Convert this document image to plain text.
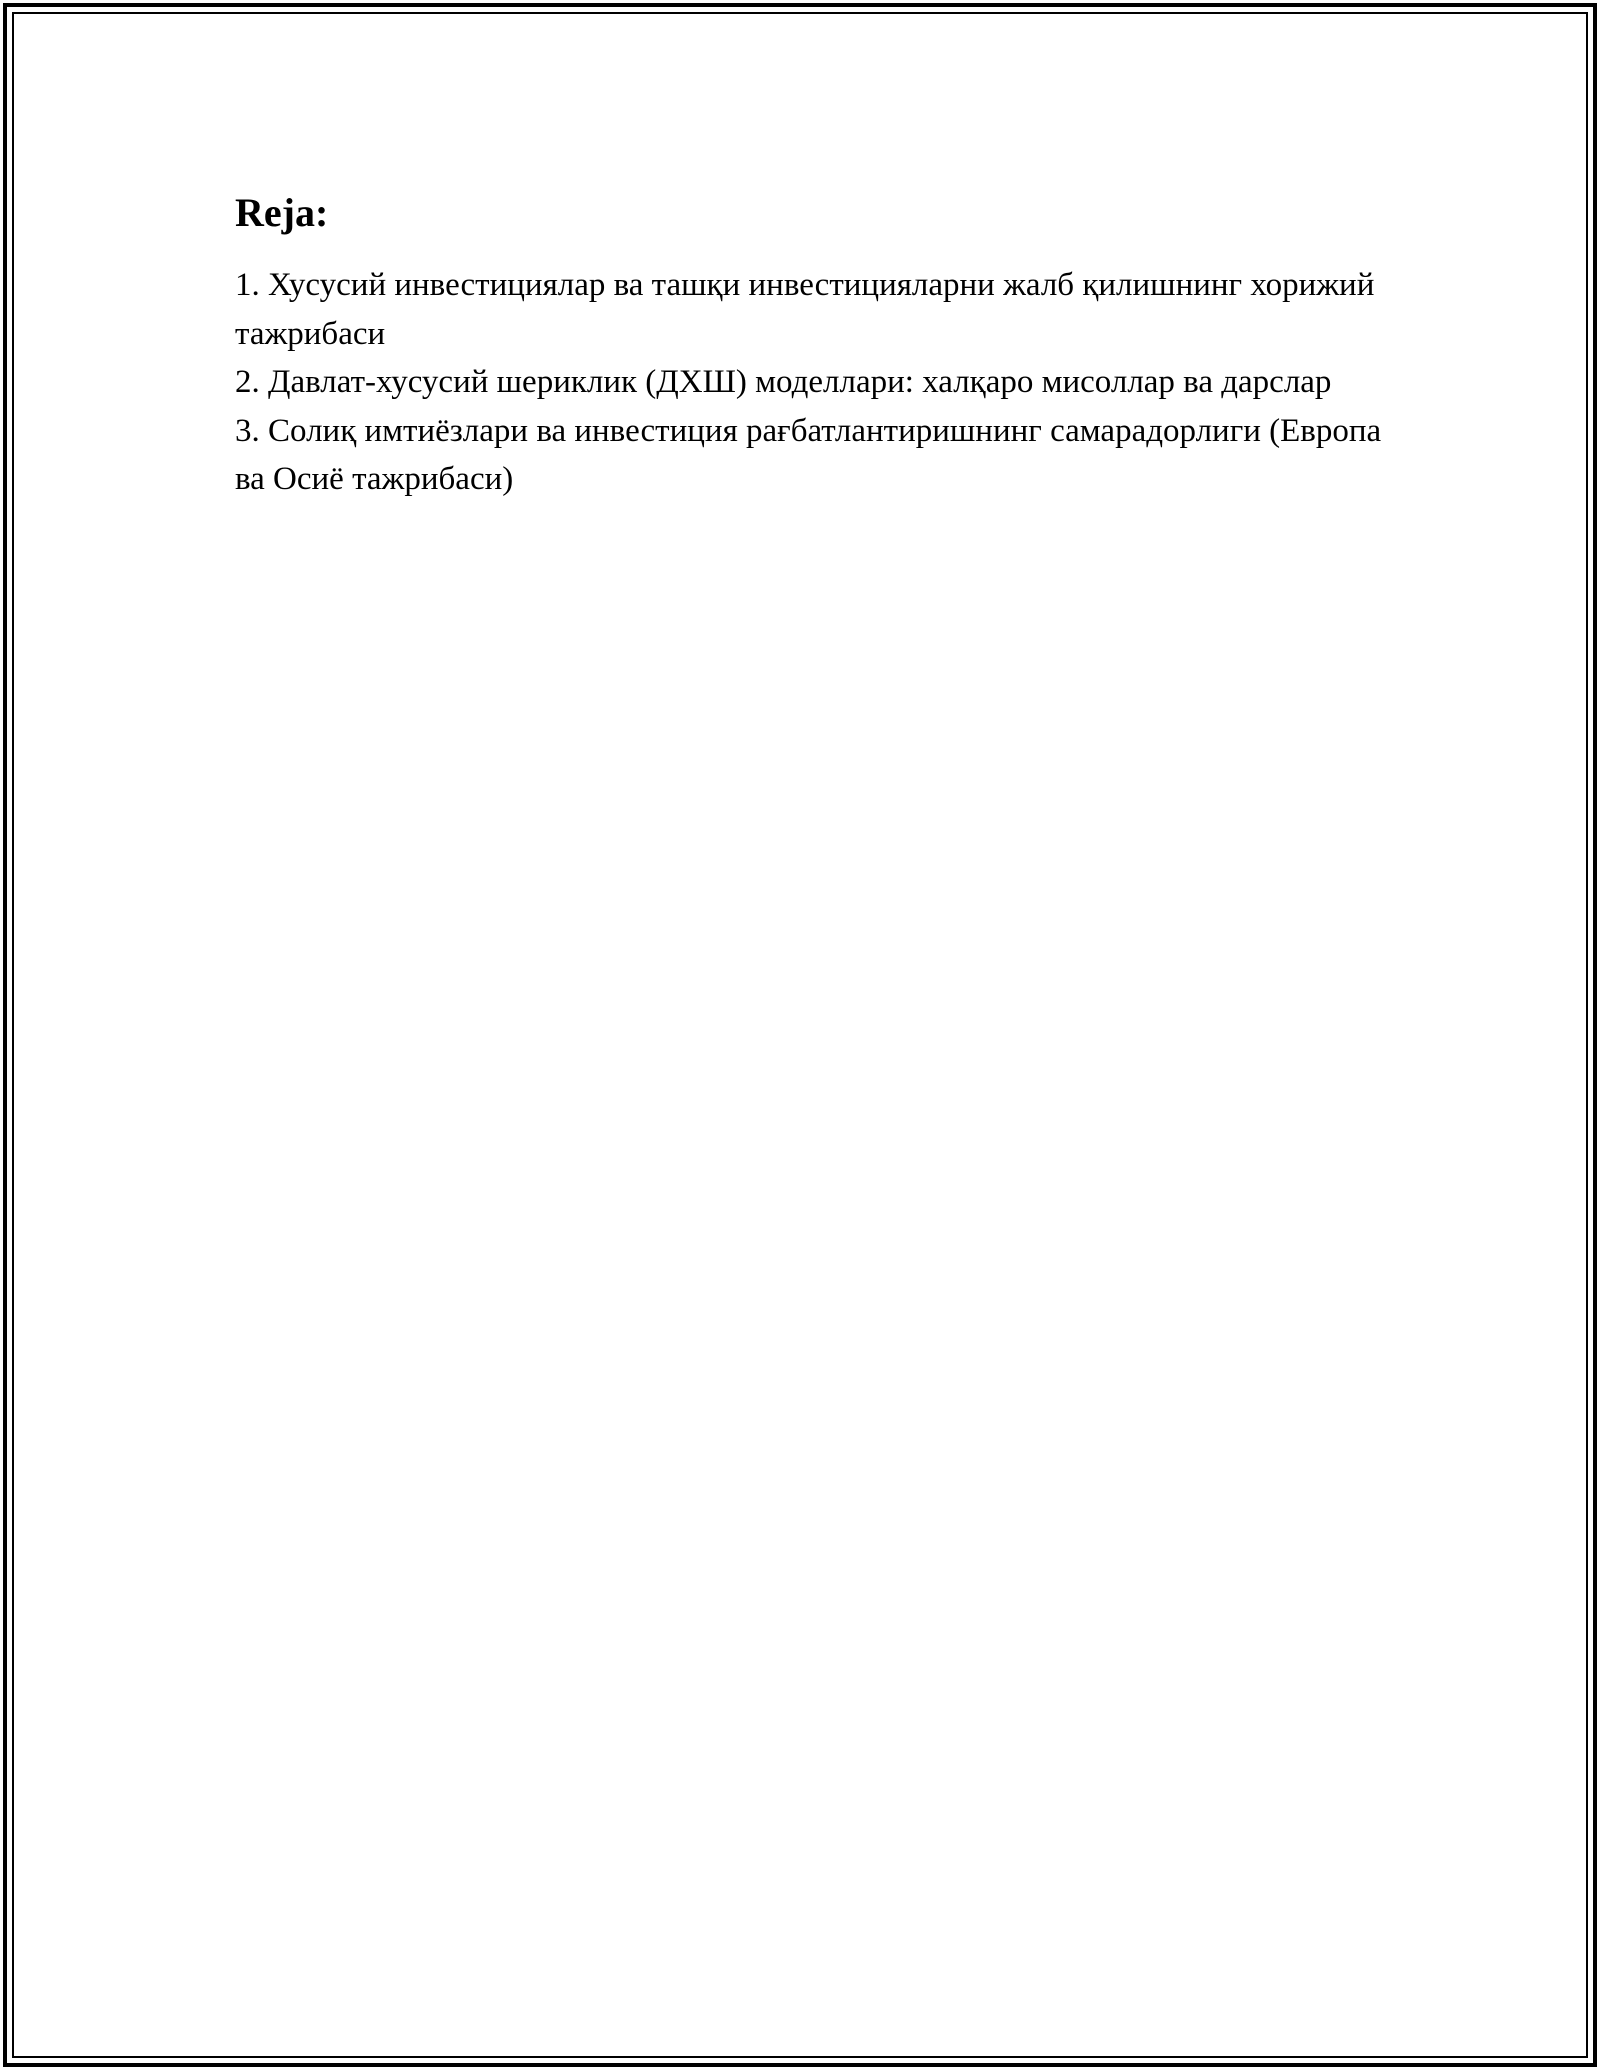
Reja:
1. Хусусий инвестициялар ва ташқи инвестицияларни жалб қилишнинг хорижий тажрибаси
2. Давлат-хусусий шериклик (ДХШ) моделлари: халқаро мисоллар ва дарслар
3. Солиқ имтиёзлари ва инвестиция рағбатлантиришнинг самарадорлиги (Европа ва Осиё тажрибаси)
